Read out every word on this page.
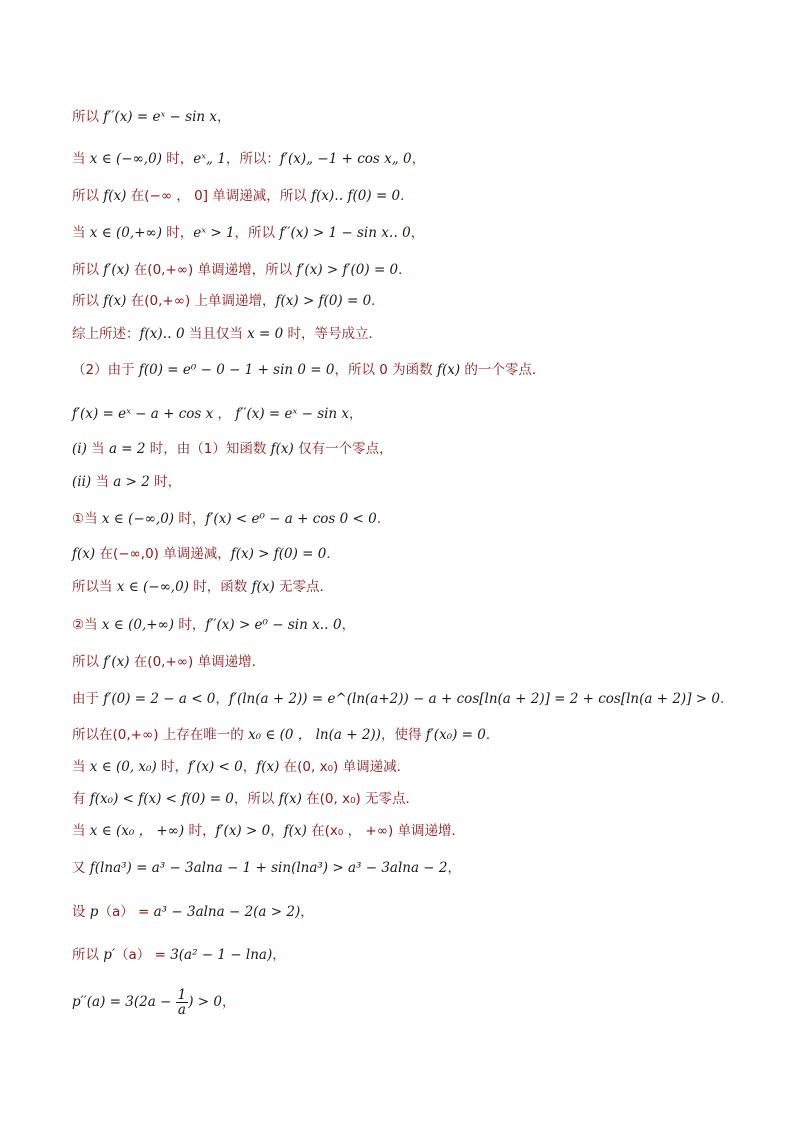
所以 f′′(x) = eˣ − sin x，
当 x ∈ (−∞,0) 时，eˣ„ 1，所以：f′(x)„ −1 + cos x„ 0，
所以 f(x) 在(−∞ ， 0] 单调递减，所以 f(x)‥ f(0) = 0．
当 x ∈ (0,+∞) 时，eˣ > 1，所以 f′′(x) > 1 − sin x‥ 0，
所以 f′(x) 在(0,+∞) 单调递增，所以 f′(x) > f′(0) = 0．
所以 f(x) 在(0,+∞) 上单调递增，f(x) > f(0) = 0．
综上所述：f(x)‥ 0 当且仅当 x = 0 时，等号成立．
（2）由于 f(0) = e⁰ − 0 − 1 + sin 0 = 0，所以 0 为函数 f(x) 的一个零点．
f′(x) = eˣ − a + cos x ， f′′(x) = eˣ − sin x，
(i) 当 a = 2 时，由（1）知函数 f(x) 仅有一个零点，
(ii) 当 a > 2 时，
①当 x ∈ (−∞,0) 时，f′(x) < e⁰ − a + cos 0 < 0．
f(x) 在(−∞,0) 单调递减，f(x) > f(0) = 0．
所以当 x ∈ (−∞,0) 时，函数 f(x) 无零点．
②当 x ∈ (0,+∞) 时，f′′(x) > e⁰ − sin x‥ 0，
所以 f′(x) 在(0,+∞) 单调递增．
由于 f′(0) = 2 − a < 0，f′(ln(a + 2)) = e^(ln(a+2)) − a + cos[ln(a + 2)] = 2 + cos[ln(a + 2)] > 0．
所以在(0,+∞) 上存在唯一的 x₀ ∈ (0 ， ln(a + 2))，使得 f′(x₀) = 0．
当 x ∈ (0, x₀) 时，f′(x) < 0，f(x) 在(0, x₀) 单调递减．
有 f(x₀) < f(x) < f(0) = 0，所以 f(x) 在(0, x₀) 无零点．
当 x ∈ (x₀ ， +∞) 时，f′(x) > 0，f(x) 在(x₀ ， +∞) 单调递增．
又 f(lna³) = a³ − 3alna − 1 + sin(lna³) > a³ − 3alna − 2，
设 p（a） = a³ − 3alna − 2(a > 2)，
所以 p′（a） = 3(a² − 1 − lna)，
$p''(a) = 3(2a - \frac{1}{a}$ ) > 0，
